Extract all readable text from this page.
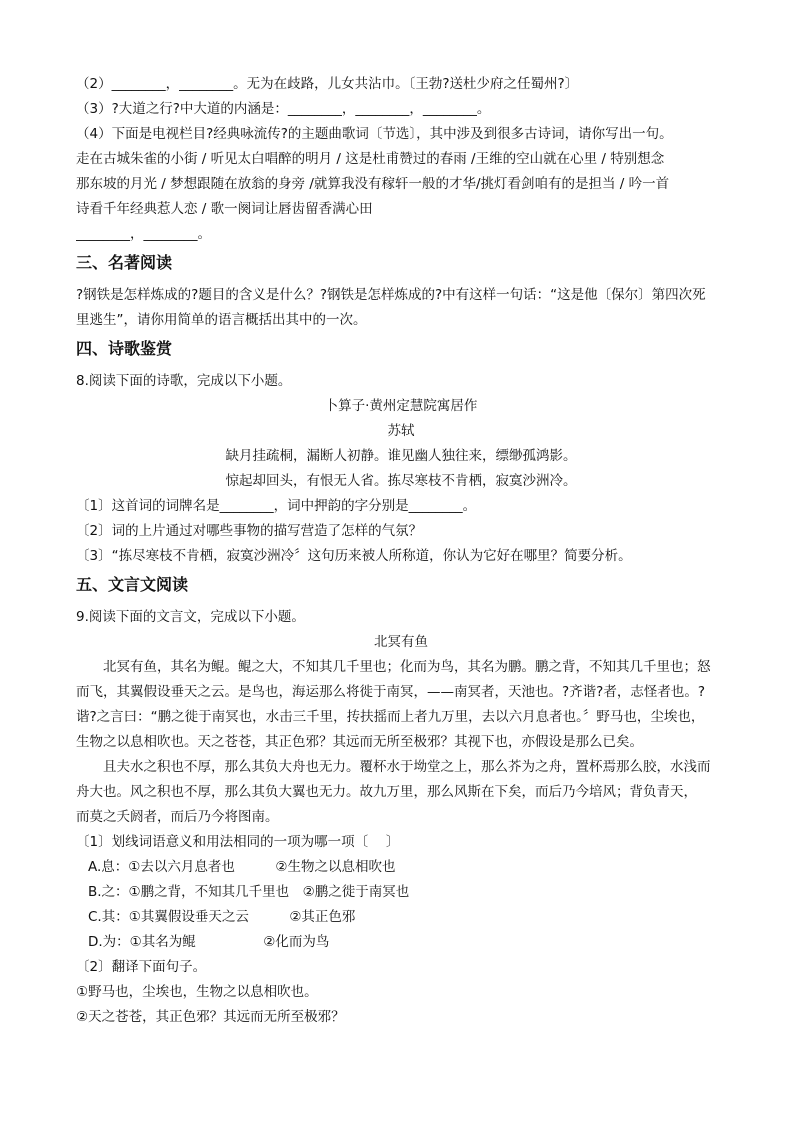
（2）________，________。无为在歧路，儿女共沾巾。〔王勃?送杜少府之任蜀州?〕
（3）?大道之行?中大道的内涵是：________，________，________。
（4）下面是电视栏目?经典咏流传?的主题曲歌词〔节选〕，其中涉及到很多古诗词，请你写出一句。
走在古城朱雀的小街 / 听见太白唱醉的明月 / 这是杜甫赞过的春雨 /王维的空山就在心里 / 特别想念
那东坡的月光 / 梦想跟随在放翁的身旁 /就算我没有稼轩一般的才华/挑灯看剑咱有的是担当 / 吟一首
诗看千年经典惹人恋 / 歌一阕词让唇齿留香满心田
________，________。
三、名著阅读
?钢铁是怎样炼成的?题目的含义是什么？?钢铁是怎样炼成的?中有这样一句话：“这是他〔保尔〕第四次死
里逃生”，请你用简单的语言概括出其中的一次。
四、诗歌鉴赏
8.阅读下面的诗歌，完成以下小题。
卜算子·黄州定慧院寓居作
苏轼
缺月挂疏桐，漏断人初静。谁见幽人独往来，缥缈孤鸿影。
惊起却回头，有恨无人省。拣尽寒枝不肯栖，寂寞沙洲冷。
〔1〕这首词的词牌名是________，词中押韵的字分别是________。
〔2〕词的上片通过对哪些事物的描写营造了怎样的气氛？
〔3〕“拣尽寒枝不肯栖，寂寞沙洲冷〞这句历来被人所称道，你认为它好在哪里？简要分析。
五、文言文阅读
9.阅读下面的文言文，完成以下小题。
北冥有鱼
北冥有鱼，其名为鲲。鲲之大，不知其几千里也；化而为鸟，其名为鹏。鹏之背，不知其几千里也；怒
而飞，其翼假设垂天之云。是鸟也，海运那么将徙于南冥，——南冥者，天池也。?齐谐?者，志怪者也。?
谐?之言曰：“鹏之徙于南冥也，水击三千里，抟扶摇而上者九万里，去以六月息者也。〞野马也，尘埃也，
生物之以息相吹也。天之苍苍，其正色邪？其远而无所至极邪？其视下也，亦假设是那么已矣。
且夫水之积也不厚，那么其负大舟也无力。覆杯水于坳堂之上，那么芥为之舟，置杯焉那么胶，水浅而
舟大也。风之积也不厚，那么其负大翼也无力。故九万里，那么风斯在下矣，而后乃今培风；背负青天，
而莫之夭阏者，而后乃今将图南。
〔1〕划线词语意义和用法相同的一项为哪一项〔　 〕
A.息：①去以六月息者也　　　②生物之以息相吹也
B.之：①鹏之背，不知其几千里也　②鹏之徙于南冥也
C.其：①其翼假设垂天之云　　　②其正色邪
D.为：①其名为鲲　　　　　②化而为鸟
〔2〕翻译下面句子。
①野马也，尘埃也，生物之以息相吹也。
②天之苍苍，其正色邪？其远而无所至极邪？
